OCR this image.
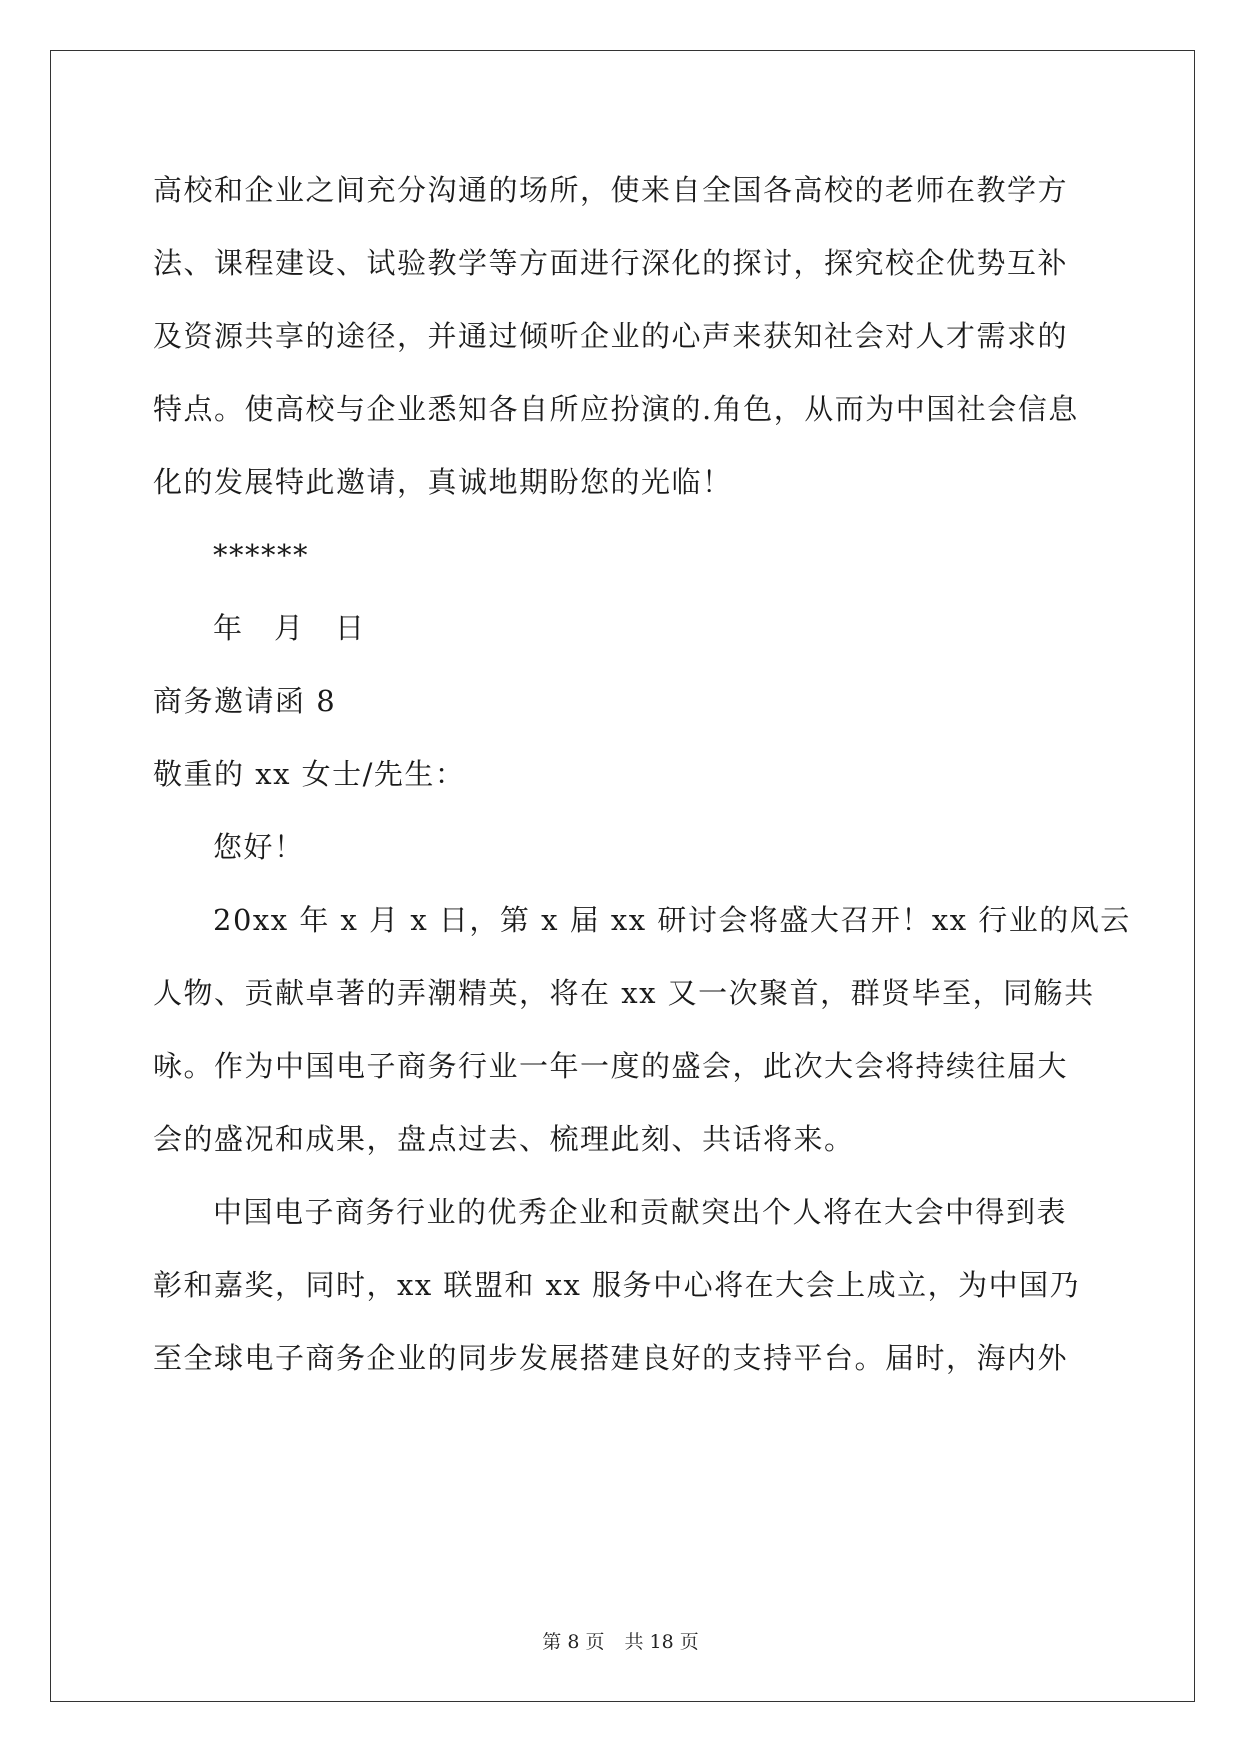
高校和企业之间充分沟通的场所，使来自全国各高校的老师在教学方
法、课程建设、试验教学等方面进行深化的探讨，探究校企优势互补
及资源共享的途径，并通过倾听企业的心声来获知社会对人才需求的
特点。使高校与企业悉知各自所应扮演的.角色，从而为中国社会信息
化的发展特此邀请，真诚地期盼您的光临！
******
年　月　日
商务邀请函 8
敬重的 xx 女士/先生：
您好！
20xx 年 x 月 x 日，第 x 届 xx 研讨会将盛大召开！xx 行业的风云
人物、贡献卓著的弄潮精英，将在 xx 又一次聚首，群贤毕至，同觞共
咏。作为中国电子商务行业一年一度的盛会，此次大会将持续往届大
会的盛况和成果，盘点过去、梳理此刻、共话将来。
中国电子商务行业的优秀企业和贡献突出个人将在大会中得到表
彰和嘉奖，同时，xx 联盟和 xx 服务中心将在大会上成立，为中国乃
至全球电子商务企业的同步发展搭建良好的支持平台。届时，海内外
第 8 页 共 18 页
